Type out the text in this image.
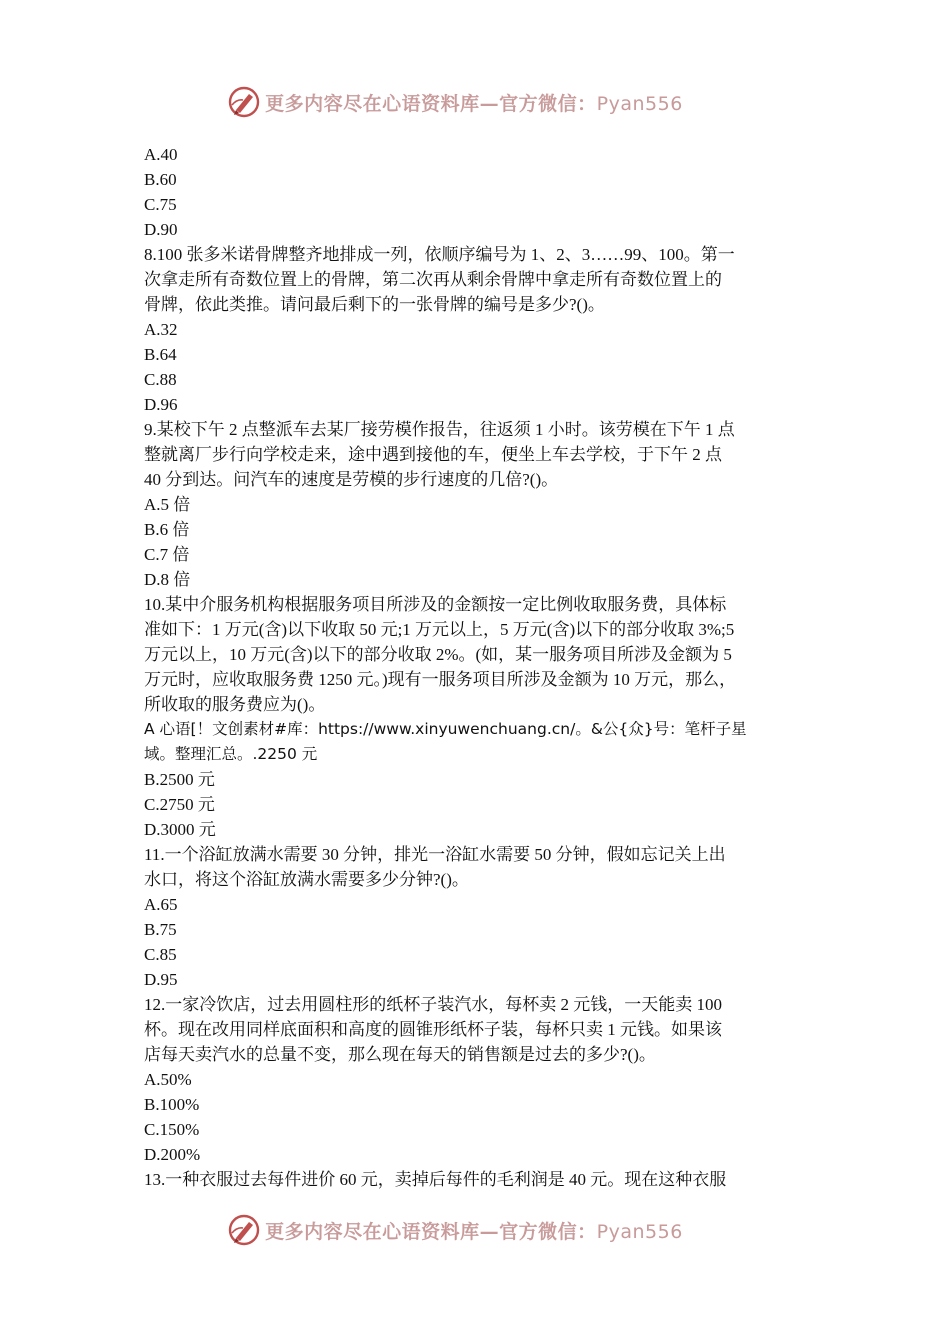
更多内容尽在心语资料库—官方微信：Pyan556
A.40
B.60
C.75
D.90
8.100 张多米诺骨牌整齐地排成一列，依顺序编号为 1、2、3……99、100。第一
次拿走所有奇数位置上的骨牌，第二次再从剩余骨牌中拿走所有奇数位置上的
骨牌，依此类推。请问最后剩下的一张骨牌的编号是多少?()。
A.32
B.64
C.88
D.96
9.某校下午 2 点整派车去某厂接劳模作报告，往返须 1 小时。该劳模在下午 1 点
整就离厂步行向学校走来，途中遇到接他的车，便坐上车去学校，于下午 2 点
40 分到达。问汽车的速度是劳模的步行速度的几倍?()。
A.5 倍
B.6 倍
C.7 倍
D.8 倍
10.某中介服务机构根据服务项目所涉及的金额按一定比例收取服务费，具体标
准如下：1 万元(含)以下收取 50 元;1 万元以上，5 万元(含)以下的部分收取 3%;5
万元以上，10 万元(含)以下的部分收取 2%。(如，某一服务项目所涉及金额为 5
万元时，应收取服务费 1250 元。)现有一服务项目所涉及金额为 10 万元，那么，
所收取的服务费应为()。
A 心语[！文创素材#库：https://www.xinyuwenchuang.cn/。&公{众}号：笔杆子星
域。整理汇总。.2250 元
B.2500 元
C.2750 元
D.3000 元
11.一个浴缸放满水需要 30 分钟，排光一浴缸水需要 50 分钟，假如忘记关上出
水口，将这个浴缸放满水需要多少分钟?()。
A.65
B.75
C.85
D.95
12.一家冷饮店，过去用圆柱形的纸杯子装汽水，每杯卖 2 元钱，一天能卖 100
杯。现在改用同样底面积和高度的圆锥形纸杯子装，每杯只卖 1 元钱。如果该
店每天卖汽水的总量不变，那么现在每天的销售额是过去的多少?()。
A.50%
B.100%
C.150%
D.200%
13.一种衣服过去每件进价 60 元，卖掉后每件的毛利润是 40 元。现在这种衣服
更多内容尽在心语资料库—官方微信：Pyan556
